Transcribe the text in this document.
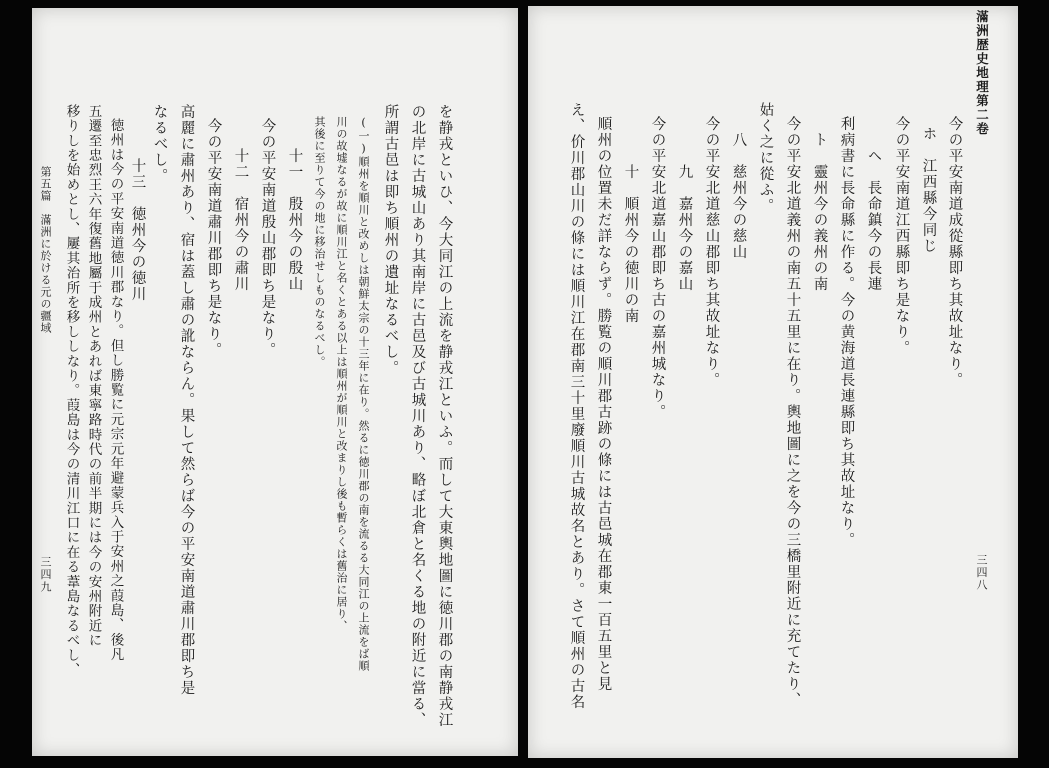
滿洲歴史地理第二卷
今の平安南道成從縣即ち其故址なり。
ホ　江西縣今同じ
今の平安南道江西縣即ち是なり。
ヘ　長命鎮今の長連
利病書に長命縣に作る。今の黄海道長連縣即ち其故址なり。
ト　靈州今の義州の南
今の平安北道義州の南五十五里に在り。輿地圖に之を今の三橋里附近に充てたり、
姑く之に從ふ。
八　慈州今の慈山
今の平安北道慈山郡即ち其故址なり。
九　嘉州今の嘉山
今の平安北道嘉山郡即ち古の嘉州城なり。
十　順州今の徳川の南
順州の位置未だ詳ならず。勝覧の順川郡古跡の條には古邑城在郡東一百五里と見
え、价川郡山川の條には順川江在郡南三十里廢順川古城故名とあり。さて順州の古名	三四八
を静戎といひ、今大同江の上流を静戎江といふ。而して大東輿地圖に徳川郡の南静戎江
の北岸に古城山あり其南岸に古邑及び古城川あり、略ぼ北倉と名くる地の附近に當る、
所謂古邑は即ち順州の遺址なるべし。
(一)順州を順川と改めしは朝鮮太宗の十三年に在り。然るに徳川郡の南を流るる大同江の上流をば順
川の故墟なるが故に順川江と名くとある以上は順州が順川と改まりし後も暫らくは舊治に居り、
其後に至りて今の地に移治せしものなるべし。
十一　殷州今の殷山
今の平安南道殷山郡即ち是なり。
十二　宿州今の肅川
今の平安南道肅川郡即ち是なり。
高麗に肅州あり、宿は蓋し肅の訛ならん。果して然らば今の平安南道肅川郡即ち是
なるべし。
十三　徳州今の徳川
徳州は今の平安南道徳川郡なり。但し勝覧に元宗元年避蒙兵入于安州之葭島、後凡
五遷至忠烈王六年復舊地屬于成州とあれば東寧路時代の前半期には今の安州附近に
移りしを始めとし、屢其治所を移ししなり。葭島は今の清川江口に在る葦島なるべし、
第五篇　滿洲に於ける元の疆域
三四九
